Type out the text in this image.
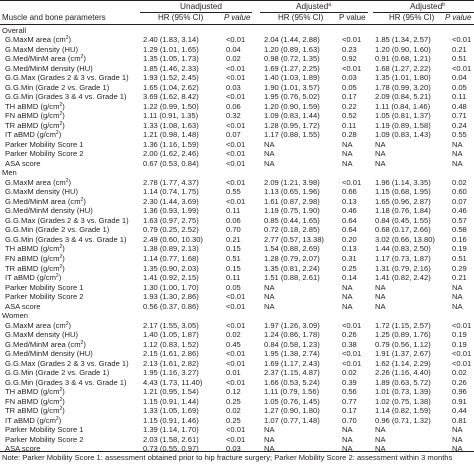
Unadjusted	Adjusted$^a$	Adjusted$^b$
Muscle and bone parameters	HR (95% CI)	P value	HR (95% CI) P value	HR (95% CI) P value
Overall
G.MaxM area $(cm^2)$	2.40 (1.83, 3.14)	<0.01 2.04 (1.44, 2.88)	<0.01 1.85 (1.34, 2.57)	<0.01
G.MaxM density (HU)	1.29 (1.01, 1.65)	0.04	1.20 (0.89, 1.63)	0.23 1.20 (0.90, 1.60)	0.21
G.Med/MinM area $(cm^2)$	1.35 (1.05, 1.73)	0.02	0.98 (0.72, 1.35)	0.92 0.91 (0.68, 1.21)	0.51
G.Med/MinM density (HU)	1.85 (1.46, 2.33)	<0.01 1.69 (1.27, 2.25)	<0.01 1.68 (1.27, 2.22)	<0.01
G.G.Max (Grades 2 & 3 vs. Grade 1) 1.93 (1.52, 2.45)	<0.01 1.40 (1.03, 1.89)	0.03 1.35 (1.01, 1.80)	0.04
G.G.Min (Grade 2 vs. Grade 1)	1.65 (1.04, 2.62)	0.03	1.90 (1.01, 3.57)	0.05 1.78 (0.99, 3.20)	0.05
G.G.Min (Grades 3 & 4 vs. Grade 1) 3.69 (1.62, 8.42)	<0.01 1.95 (0.76, 5.02)	0.17 2.09 (0.84, 5.21)	0.11
TH aBMD $(g/cm^2)$	1.22 (0.99, 1.50)	0.06	1.20 (0.90, 1.59)	0.22 1.11 (0.84, 1.46)	0.48
FN aBMD $(g/cm^2)$	1.11 (0.91, 1.35)	0.32	1.09 (0.83, 1.44)	0.52 1.05 (0.81, 1.37)	0.71
TR aBMD $(g/cm^2)$	1.33 (1.08, 1.63)	<0.01 1.28 (0.95, 1.72)	0.11 1.19 (0.89, 1.58)	0.24
IT aBMD $(g/cm^2)$	1.21 (0.98, 1.48)	0.07	1.17 (0.88, 1.55)	0.28 1.09 (0.83, 1.43)	0.55
Parker Mobility Score 1	1.36 (1.16, 1.59)	<0.01 NA	NA	NA	NA
Parker Mobility Score 2	2.00 (1.62, 2.46)	<0.01 NA	NA	NA	NA
ASA score	0.67 (0.53, 0.84)	<0.01 NA	NA	NA	NA
Men
G.MaxM area $(cm^2)$	2.78 (1.77, 4.37)	<0.01 2.09 (1.21, 3.98)	<0.01 1.96 (1.14, 3.35)	0.02
G.MaxM density (HU)	1.14 (0.74, 1.75)	0.55	1.13 (0.65, 1.96)	0.66 1.15 (0.68, 1.95)	0.60
G.Med/MinM area $(cm^2)$	2.30 (1.44, 3.69)	<0.01 1.61 (0.87, 2.98)	0.13 1.65 (0.96, 2.87)	0.07
G.Med/MinM density (HU)	1.36 (0.93, 1.99)	0.11	1.19 (0.75, 1.90)	0.46 1.18 (0.76, 1.84)	0.46
G.G.Max (Grades 2 & 3 vs. Grade 1) 1.63 (0.97, 2.75)	0.06	0.85 (0.44, 1.65)	0.64 0.84 (0.45, 1.55)	0.57
G.G.Min (Grade 2 vs. Grade 1)	0.79 (0.25, 2.52)	0.70	0.72 (0.18, 2.85)	0.64 0.68 (0.17, 2.66)	0.58
G.G.Min (Grades 3 & 4 vs. Grade 1) 2.49 (0.60, 10.30)	0.21	2.77 (0.57, 13.38) 0.20 3.02 (0.66, 13.80) 0.16
TH aBMD $(g/cm^2)$	1.38 (0.89, 2.13)	0.15	1.54 (0.88, 2.69)	0.13 1.44 (0.83, 2.50)	0.19
FN aBMD $(g/cm^2)$	1.14 (0.77, 1.68)	0.51	1.28 (0.79, 2.07)	0.31 1.17 (0.73, 1.87)	0.51
TR aBMD $(g/cm^2)$	1.35 (0.90, 2.03)	0.15	1.35 (0.81, 2.24)	0.25 1.31 (0.79, 2.16)	0.29
IT aBMD $(g/cm^2)$	1.41 (0.92, 2.15)	0.11	1.51 (0.88, 2.61)	0.14 1.41 (0.82, 2.42)	0.21
Parker Mobility Score 1	1.30 (1.00, 1.70)	0.05	NA	NA	NA	NA
Parker Mobility Score 2	1.93 (1.30, 2.86)	<0.01 NA	NA	NA	NA
ASA score	0.56 (0.37, 0.86)	<0.01 NA	NA	NA	NA
Women
G.MaxM area $(cm^2)$	2.17 (1.55, 3.05)	<0.01 1.97 (1.26, 3.09)	<0.01 1.72 (1.15, 2.57)	<0.01
G.MaxM density (HU)	1.40 (1.05, 1.87)	0.02	1.24 (0.86, 1.78)	0.26 1.25 (0.89, 1.76)	0.19
G.Med/MinM area $(cm^2)$	1.12 (0.83, 1.52)	0.45	0.84 (0.58, 1.23)	0.38 0.79 (0.56, 1.12)	0.19
G.Med/MinM density (HU)	2.15 (1.61, 2.86)	<0.01 1.95 (1.38, 2.74)	<0.01 1.91 (1.37, 2.67)	<0.01
G.G.Max (Grades 2 & 3 vs. Grade 1) 2.13 (1.61, 2.82)	<0.01 1.69 (1.17, 2.43)	<0.01 1.62 (1.14, 2.29)	<0.01
G.G.Min (Grade 2 vs. Grade 1)	1.95 (1.16, 3.27)	0.01	2.37 (1.15, 4.87)	0.02 2.26 (1.16, 4.40)	0.02
G.G.Min (Grades 3 & 4 vs. Grade 1) 4.43 (1.73, 11.40)	<0.01 1.66 (0.53, 5.24)	0.39 1.89 (0.63, 5.72)	0.26
TH aBMD $(g/cm^2)$	1.21 (0.95, 1.54)	0.12	1.11 (0.79, 1.56)	0.56 1.01 (0.73, 1.39)	0.96
FN aBMD $(g/cm^2)$	1.15 (0.91, 1.44)	0.25	1.05 (0.76, 1.45)	0.77 1.02 (0.75, 1.38)	0.91
TR aBMD $(g/cm^2)$	1.33 (1.05, 1.69)	0.02	1.27 (0.90, 1.80)	0.17 1.14 (0.82, 1.59)	0.44
IT aBMD $(g/cm^2)$	1.15 (0.91, 1.46)	0.25	1.07 (0.77, 1.48)	0.70 0.96 (0.71, 1.32)	0.81
Parker Mobility Score 1	1.39 (1.14, 1.70)	<0.01 NA	NA	NA	NA
Parker Mobility Score 2	2.03 (1.58, 2.61)	<0.01 NA	NA	NA	NA
ASA score	0.73 (0.55, 0.97)	0.03	NA	NA	NA	NA
Note: Parker Mobility Score 1: assessment obtained prior to hip fracture surgery; Parker Mobility Score 2: assessment within 3 months
